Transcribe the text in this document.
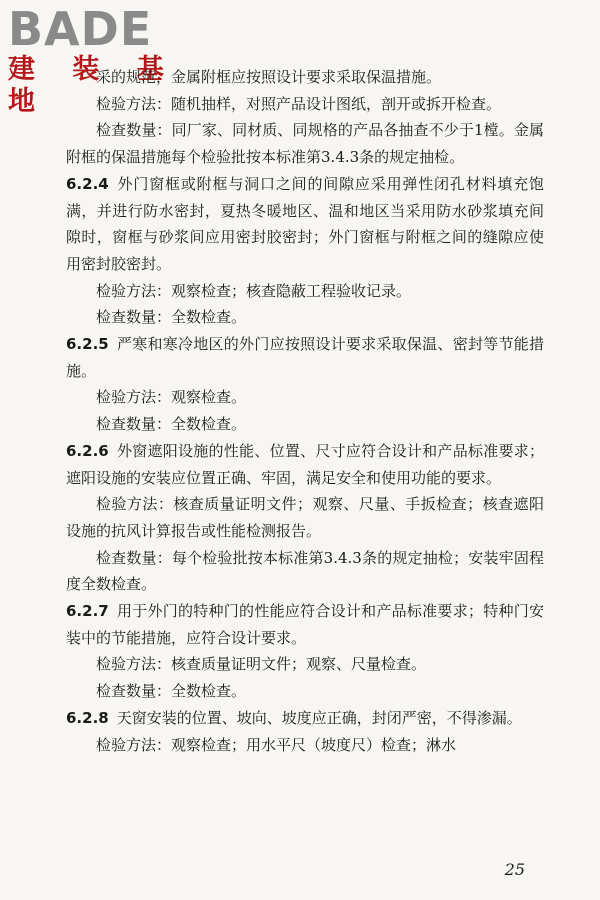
BADE
建 装 基 地

采的规范，金属附框应按照设计要求采取保温措施。

检验方法：随机抽样，对照产品设计图纸，剖开或拆开检查。

检查数量：同厂家、同材质、同规格的产品各抽查不少于1樘。金属附框的保温措施每个检验批按本标准第3.4.3条的规定抽检。

6.2.4 外门窗框或附框与洞口之间的间隙应采用弹性闭孔材料填充饱满，并进行防水密封，夏热冬暖地区、温和地区当采用防水砂浆填充间隙时，窗框与砂浆间应用密封胶密封；外门窗框与附框之间的缝隙应使用密封胶密封。

检验方法：观察检查；核查隐蔽工程验收记录。

检查数量：全数检查。

6.2.5 严寒和寒冷地区的外门应按照设计要求采取保温、密封等节能措施。

检验方法：观察检查。

检查数量：全数检查。

6.2.6 外窗遮阳设施的性能、位置、尺寸应符合设计和产品标准要求；遮阳设施的安装应位置正确、牢固，满足安全和使用功能的要求。

检验方法：核查质量证明文件；观察、尺量、手扳检查；核查遮阳设施的抗风计算报告或性能检测报告。

检查数量：每个检验批按本标准第3.4.3条的规定抽检；安装牢固程度全数检查。

6.2.7 用于外门的特种门的性能应符合设计和产品标准要求；特种门安装中的节能措施，应符合设计要求。

检验方法：核查质量证明文件；观察、尺量检查。

检查数量：全数检查。

6.2.8 天窗安装的位置、坡向、坡度应正确，封闭严密，不得渗漏。

检验方法：观察检查；用水平尺（坡度尺）检查；淋水

25
